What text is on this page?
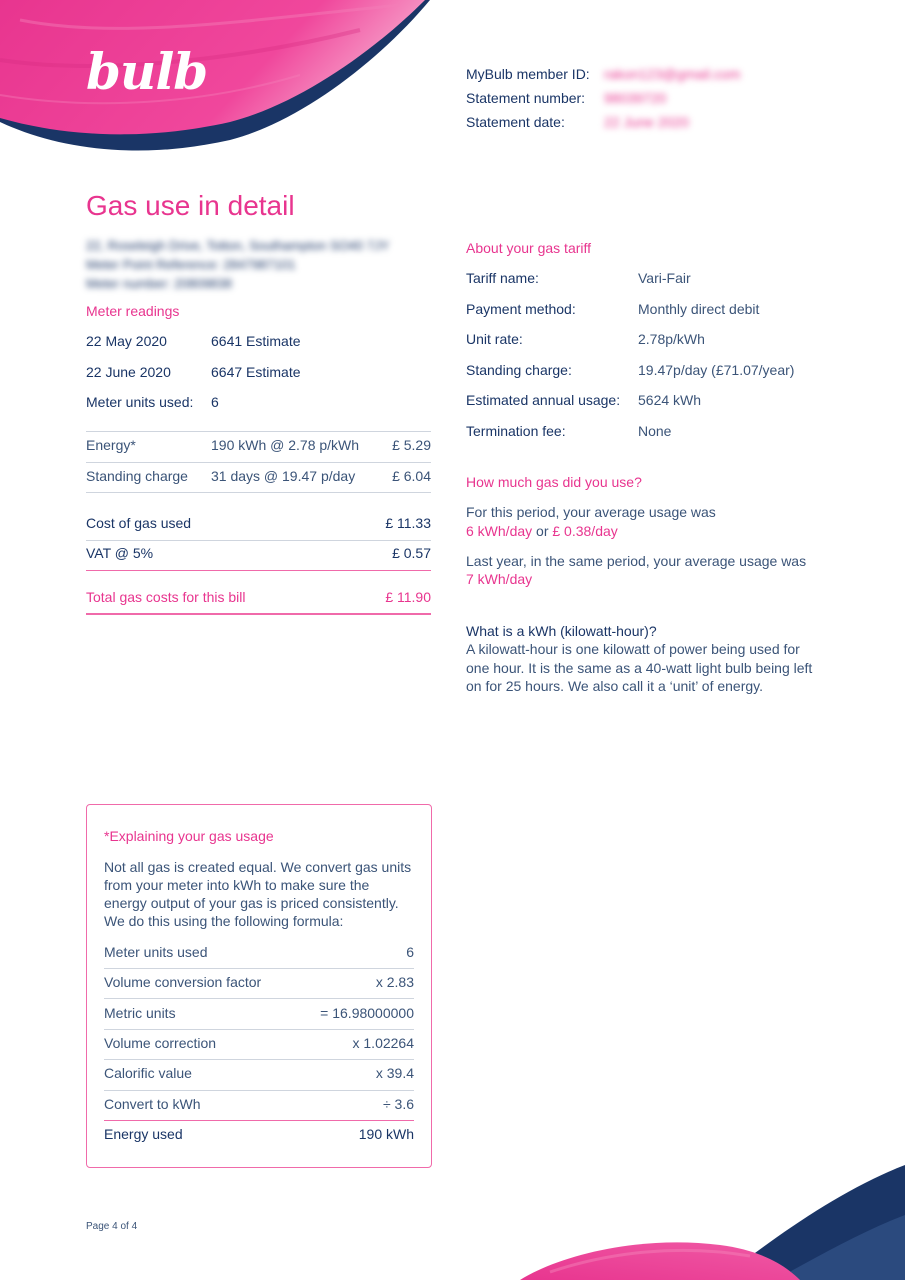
bulb	MyBulb member ID: rakon123@gmail.com
Statement number: 98039720
Statement date:	22 June 2020
Gas use in detail
22, Roseleigh Drive, Totton, Southampton SO40 7JY
Meter Point Reference: 2847987101
Meter number: 20809838
Meter readings
22 May 2020	6641 Estimate
22 June 2020	6647 Estimate
Meter units used: 6
Energy*	190 kWh @ 2.78 p/kWh	£ 5.29
Standing charge 31 days @ 19.47 p/day	£ 6.04
Cost of gas used	£ 11.33
VAT @ 5%	£ 0.57
Total gas costs for this bill	£ 11.90
About your gas tariff
Tariff name:	Vari-Fair
Payment method:	Monthly direct debit
Unit rate:	2.78p/kWh
Standing charge:	19.47p/day (£71.07/year)
Estimated annual usage: 5624 kWh
Termination fee:	None
How much gas did you use?
For this period, your average usage was
6 kWh/day or £ 0.38/day
Last year, in the same period, your average usage was
7 kWh/day
What is a kWh (kilowatt-hour)?
A kilowatt-hour is one kilowatt of power being used for
one hour. It is the same as a 40-watt light bulb being left
on for 25 hours. We also call it a ‘unit’ of energy.
*Explaining your gas usage
Not all gas is created equal. We convert gas units
from your meter into kWh to make sure the
energy output of your gas is priced consistently.
We do this using the following formula:
Meter units used	6
Volume conversion factor	x 2.83
Metric units	= 16.98000000
Volume correction	x 1.02264
Calorific value	x 39.4
Convert to kWh	÷ 3.6
Energy used	190 kWh
Page 4 of 4
